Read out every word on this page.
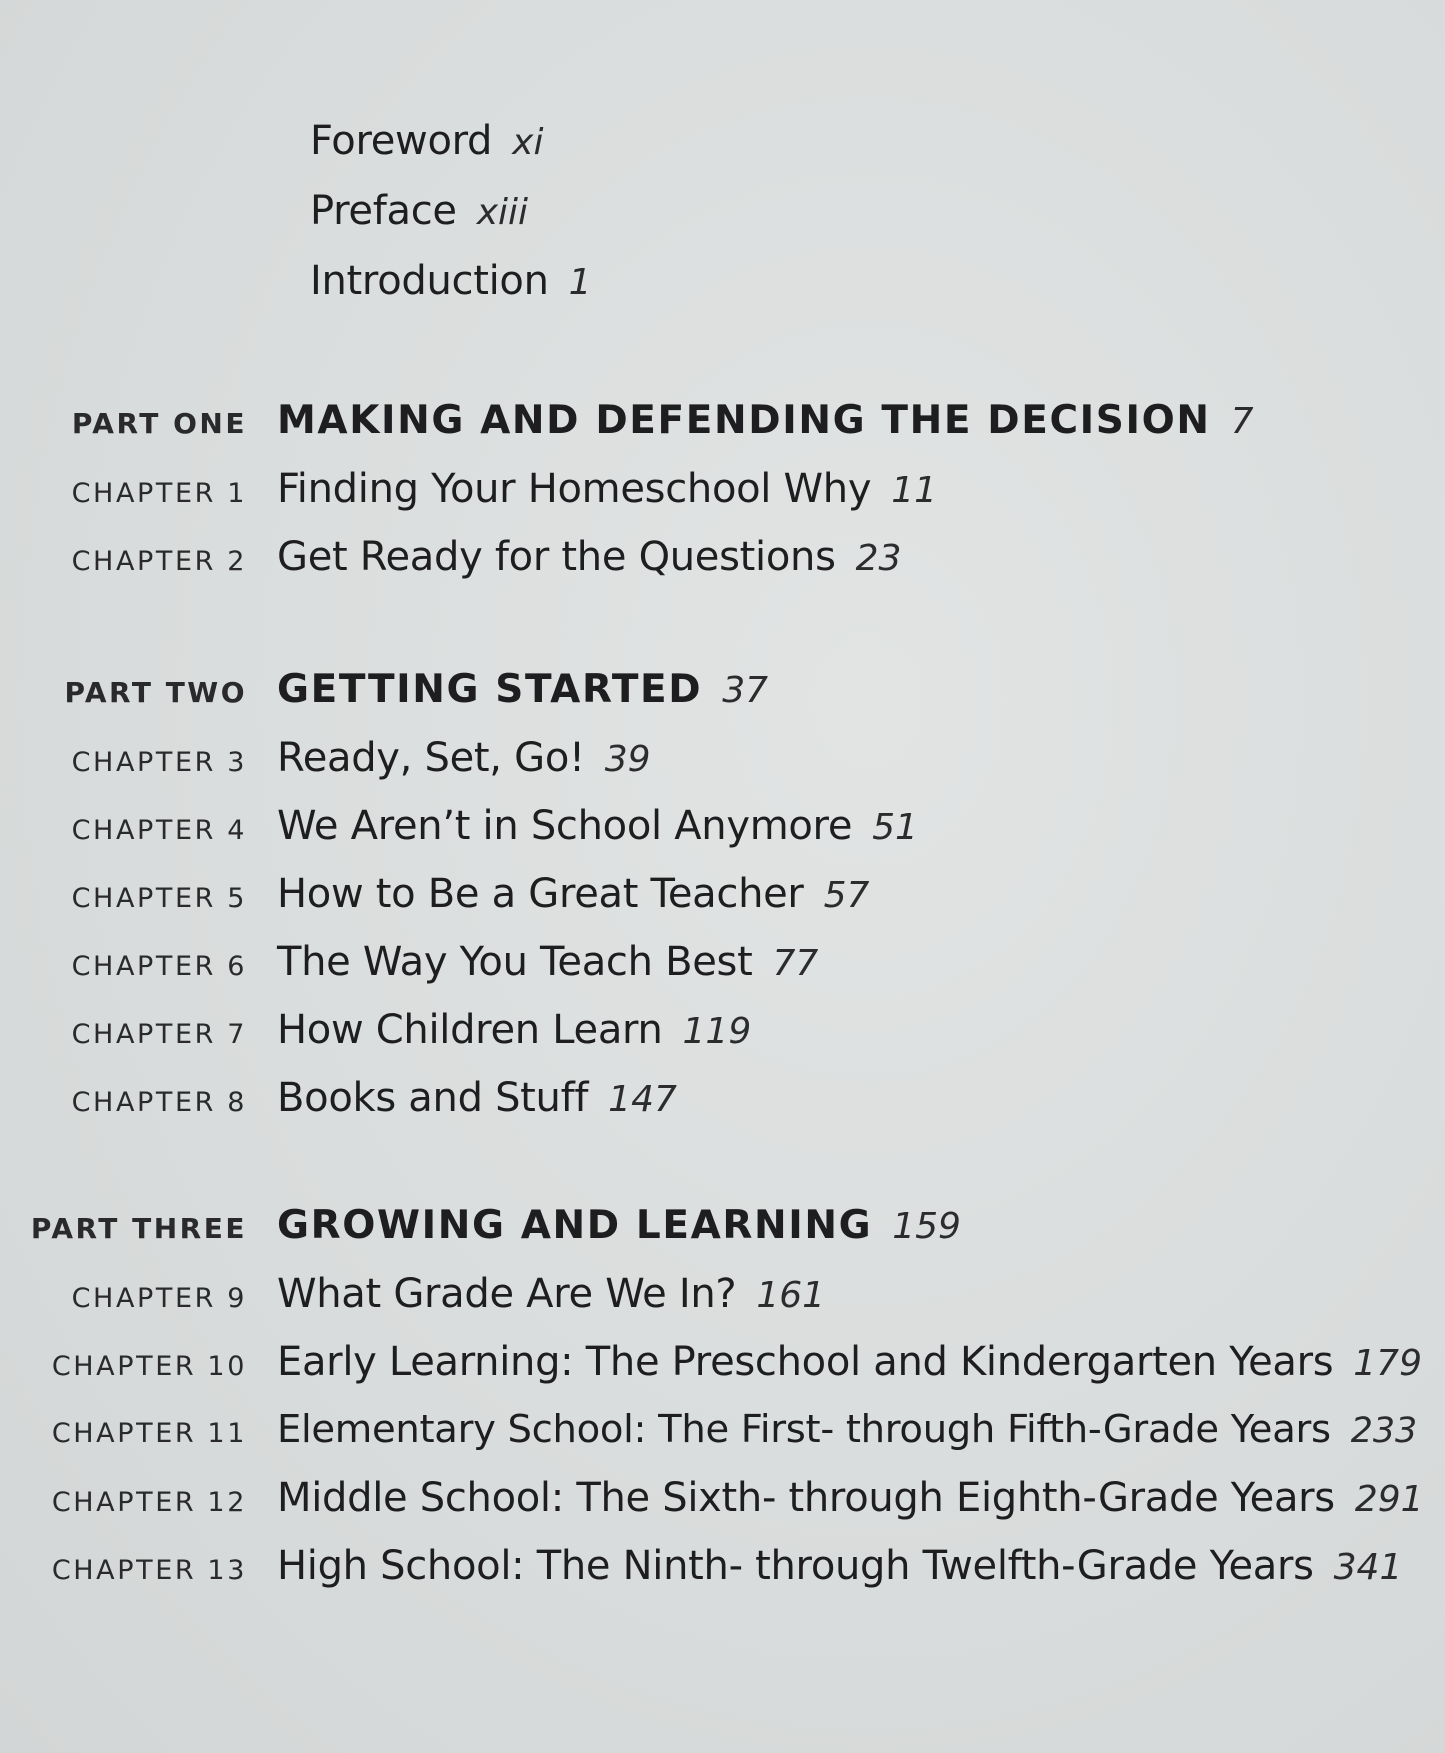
Foreword xi
Preface xiii
Introduction 1
PART ONE MAKING AND DEFENDING THE DECISION 7
CHAPTER 1 Finding Your Homeschool Why 11
CHAPTER 2 Get Ready for the Questions 23
PART TWO GETTING STARTED 37
CHAPTER 3 Ready, Set, Go! 39
CHAPTER 4 We Aren’t in School Anymore 51
CHAPTER 5 How to Be a Great Teacher 57
CHAPTER 6 The Way You Teach Best 77
CHAPTER 7 How Children Learn 119
CHAPTER 8 Books and Stuff 147
PART THREE GROWING AND LEARNING 159
CHAPTER 9 What Grade Are We In? 161
CHAPTER 10 Early Learning: The Preschool and Kindergarten Years 179
CHAPTER 11 Elementary School: The First- through Fifth-Grade Years 233
CHAPTER 12 Middle School: The Sixth- through Eighth-Grade Years 291
CHAPTER 13 High School: The Ninth- through Twelfth-Grade Years 341
